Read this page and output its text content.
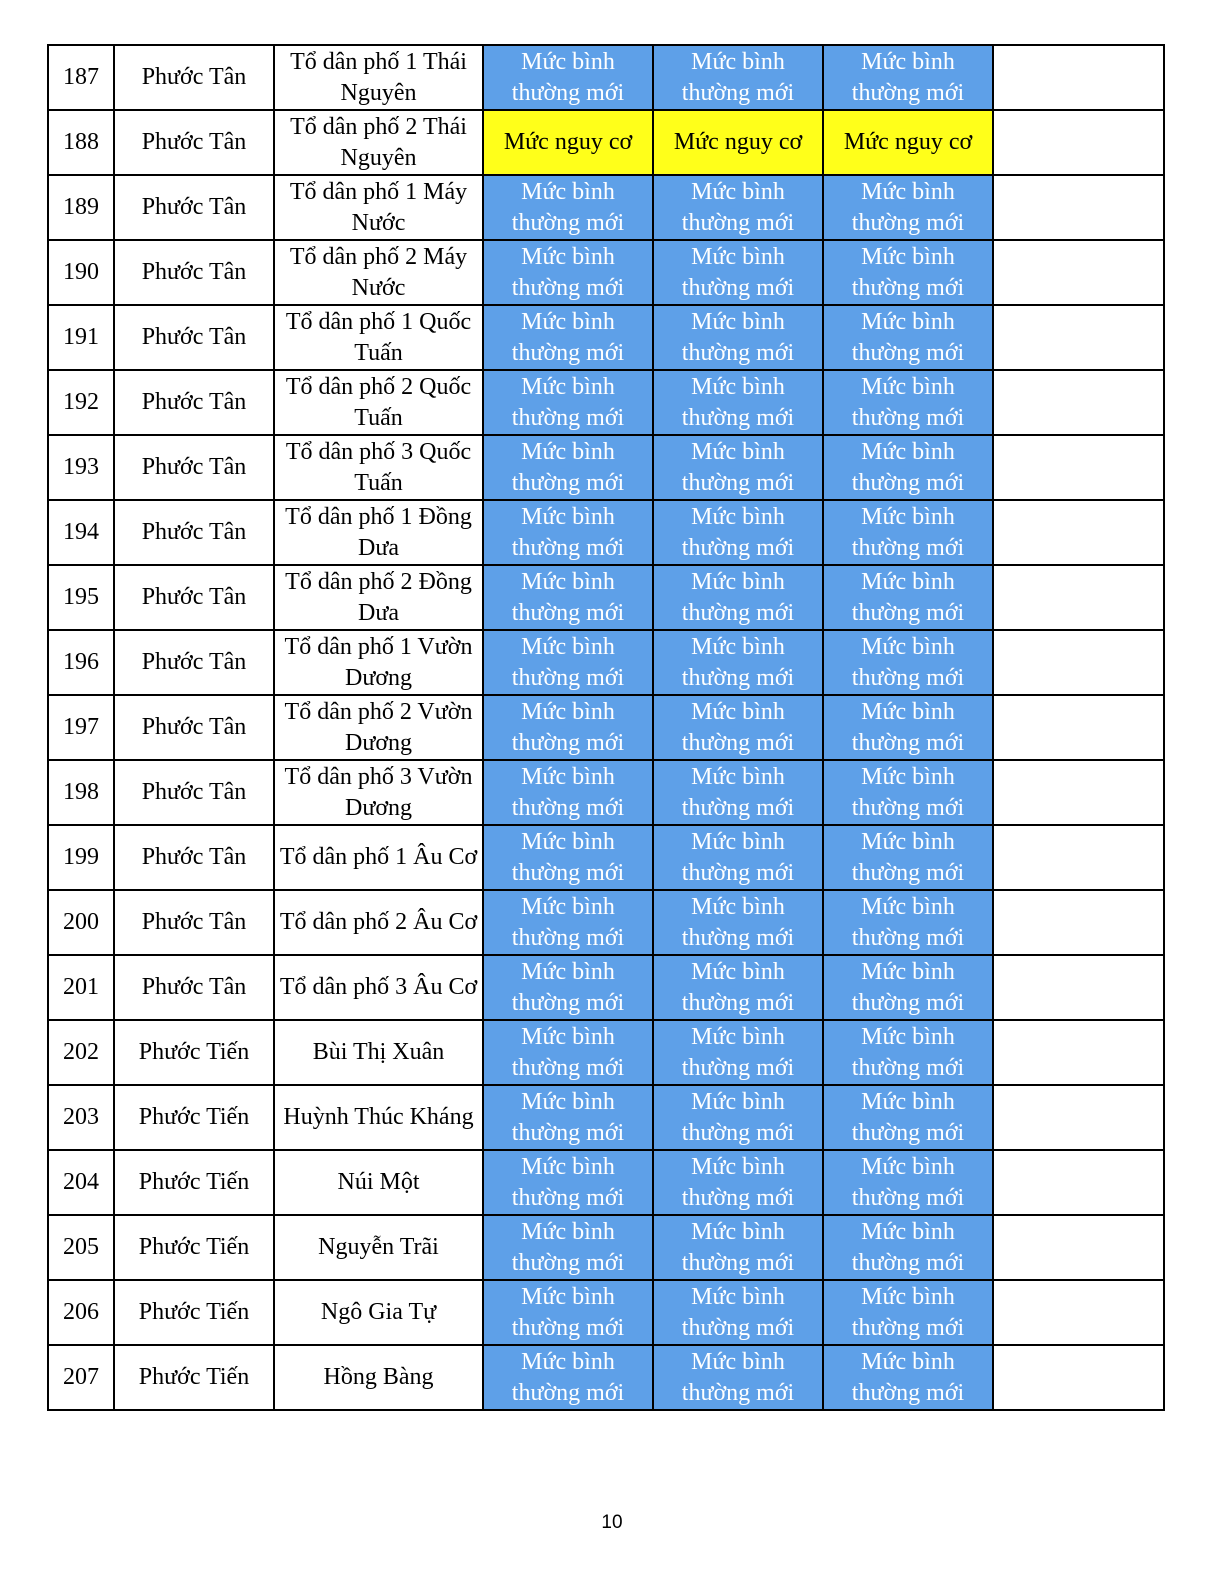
187	Phước Tân	Tổ dân phố 1 Thái Nguyên	Mức bình thường mới	Mức bình thường mới	Mức bình thường mới	
188	Phước Tân	Tổ dân phố 2 Thái Nguyên	Mức nguy cơ	Mức nguy cơ	Mức nguy cơ	
189	Phước Tân	Tổ dân phố 1 Máy Nước	Mức bình thường mới	Mức bình thường mới	Mức bình thường mới	
190	Phước Tân	Tổ dân phố 2 Máy Nước	Mức bình thường mới	Mức bình thường mới	Mức bình thường mới	
191	Phước Tân	Tổ dân phố 1 Quốc Tuấn	Mức bình thường mới	Mức bình thường mới	Mức bình thường mới	
192	Phước Tân	Tổ dân phố 2 Quốc Tuấn	Mức bình thường mới	Mức bình thường mới	Mức bình thường mới	
193	Phước Tân	Tổ dân phố 3 Quốc Tuấn	Mức bình thường mới	Mức bình thường mới	Mức bình thường mới	
194	Phước Tân	Tổ dân phố 1 Đồng Dưa	Mức bình thường mới	Mức bình thường mới	Mức bình thường mới	
195	Phước Tân	Tổ dân phố 2 Đồng Dưa	Mức bình thường mới	Mức bình thường mới	Mức bình thường mới	
196	Phước Tân	Tổ dân phố 1 Vườn Dương	Mức bình thường mới	Mức bình thường mới	Mức bình thường mới	
197	Phước Tân	Tổ dân phố 2 Vườn Dương	Mức bình thường mới	Mức bình thường mới	Mức bình thường mới	
198	Phước Tân	Tổ dân phố 3 Vườn Dương	Mức bình thường mới	Mức bình thường mới	Mức bình thường mới	
199	Phước Tân	Tổ dân phố 1 Âu Cơ	Mức bình thường mới	Mức bình thường mới	Mức bình thường mới	
200	Phước Tân	Tổ dân phố 2 Âu Cơ	Mức bình thường mới	Mức bình thường mới	Mức bình thường mới	
201	Phước Tân	Tổ dân phố 3 Âu Cơ	Mức bình thường mới	Mức bình thường mới	Mức bình thường mới	
202	Phước Tiến	Bùi Thị Xuân	Mức bình thường mới	Mức bình thường mới	Mức bình thường mới	
203	Phước Tiến	Huỳnh Thúc Kháng	Mức bình thường mới	Mức bình thường mới	Mức bình thường mới	
204	Phước Tiến	Núi Một	Mức bình thường mới	Mức bình thường mới	Mức bình thường mới	
205	Phước Tiến	Nguyễn Trãi	Mức bình thường mới	Mức bình thường mới	Mức bình thường mới	
206	Phước Tiến	Ngô Gia Tự	Mức bình thường mới	Mức bình thường mới	Mức bình thường mới	
207	Phước Tiến	Hồng Bàng	Mức bình thường mới	Mức bình thường mới	Mức bình thường mới	
10
